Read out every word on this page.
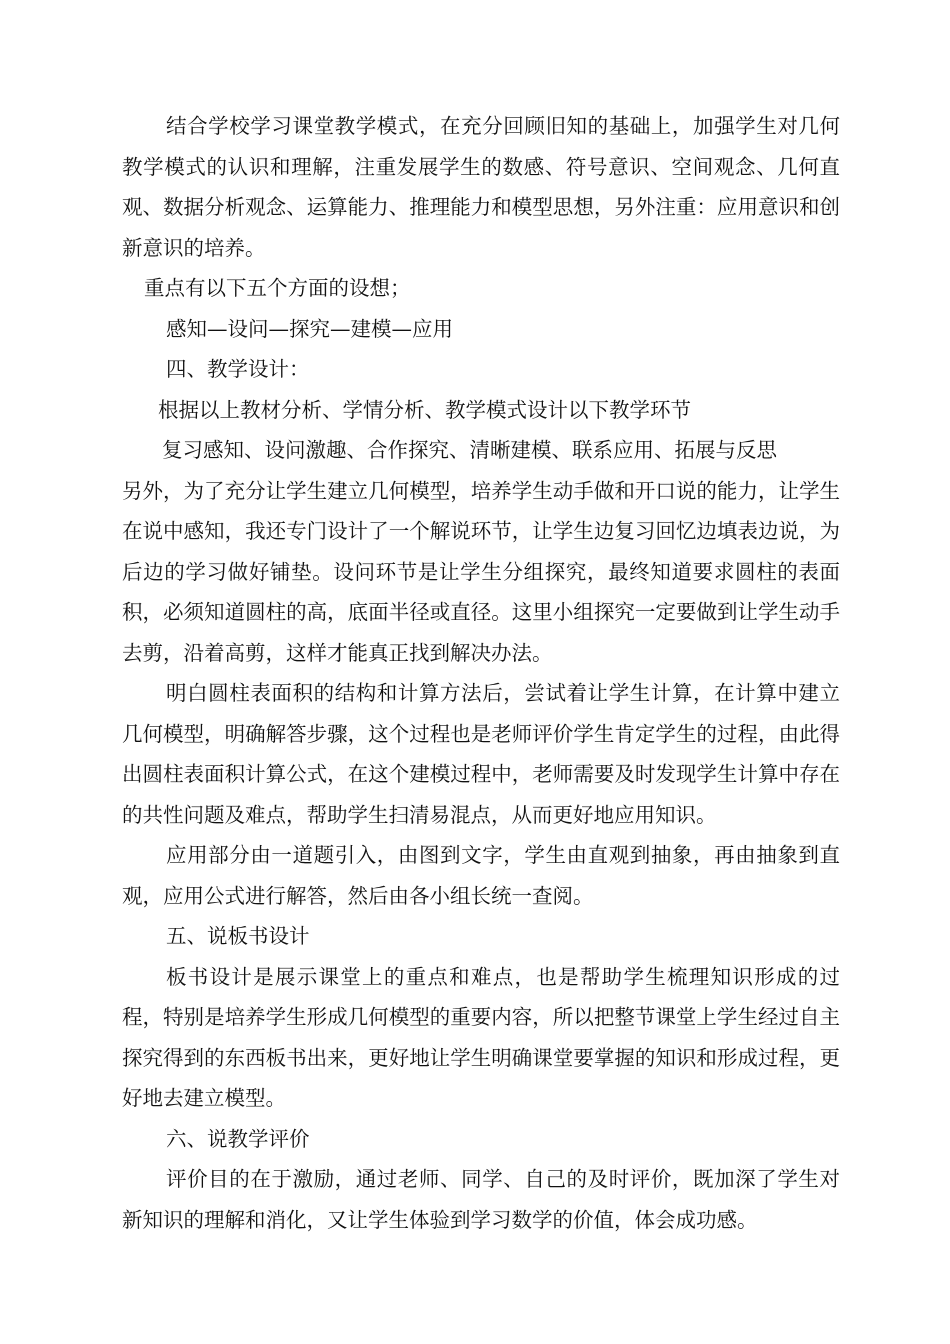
结合学校学习课堂教学模式，在充分回顾旧知的基础上，加强学生对几何教学模式的认识和理解，注重发展学生的数感、符号意识、空间观念、几何直观、数据分析观念、运算能力、推理能力和模型思想，另外注重：应用意识和创新意识的培养。

重点有以下五个方面的设想；

感知—设问—探究—建模—应用

四、教学设计：

根据以上教材分析、学情分析、教学模式设计以下教学环节

复习感知、设问激趣、合作探究、清晰建模、联系应用、拓展与反思

另外，为了充分让学生建立几何模型，培养学生动手做和开口说的能力，让学生在说中感知，我还专门设计了一个解说环节，让学生边复习回忆边填表边说，为后边的学习做好铺垫。设问环节是让学生分组探究，最终知道要求圆柱的表面积，必须知道圆柱的高，底面半径或直径。这里小组探究一定要做到让学生动手去剪，沿着高剪，这样才能真正找到解决办法。

明白圆柱表面积的结构和计算方法后，尝试着让学生计算，在计算中建立几何模型，明确解答步骤，这个过程也是老师评价学生肯定学生的过程，由此得出圆柱表面积计算公式，在这个建模过程中，老师需要及时发现学生计算中存在的共性问题及难点，帮助学生扫清易混点，从而更好地应用知识。

应用部分由一道题引入，由图到文字，学生由直观到抽象，再由抽象到直观，应用公式进行解答，然后由各小组长统一查阅。

五、说板书设计

板书设计是展示课堂上的重点和难点，也是帮助学生梳理知识形成的过程，特别是培养学生形成几何模型的重要内容，所以把整节课堂上学生经过自主探究得到的东西板书出来，更好地让学生明确课堂要掌握的知识和形成过程，更好地去建立模型。

六、说教学评价

评价目的在于激励，通过老师、同学、自己的及时评价，既加深了学生对新知识的理解和消化，又让学生体验到学习数学的价值，体会成功感。
